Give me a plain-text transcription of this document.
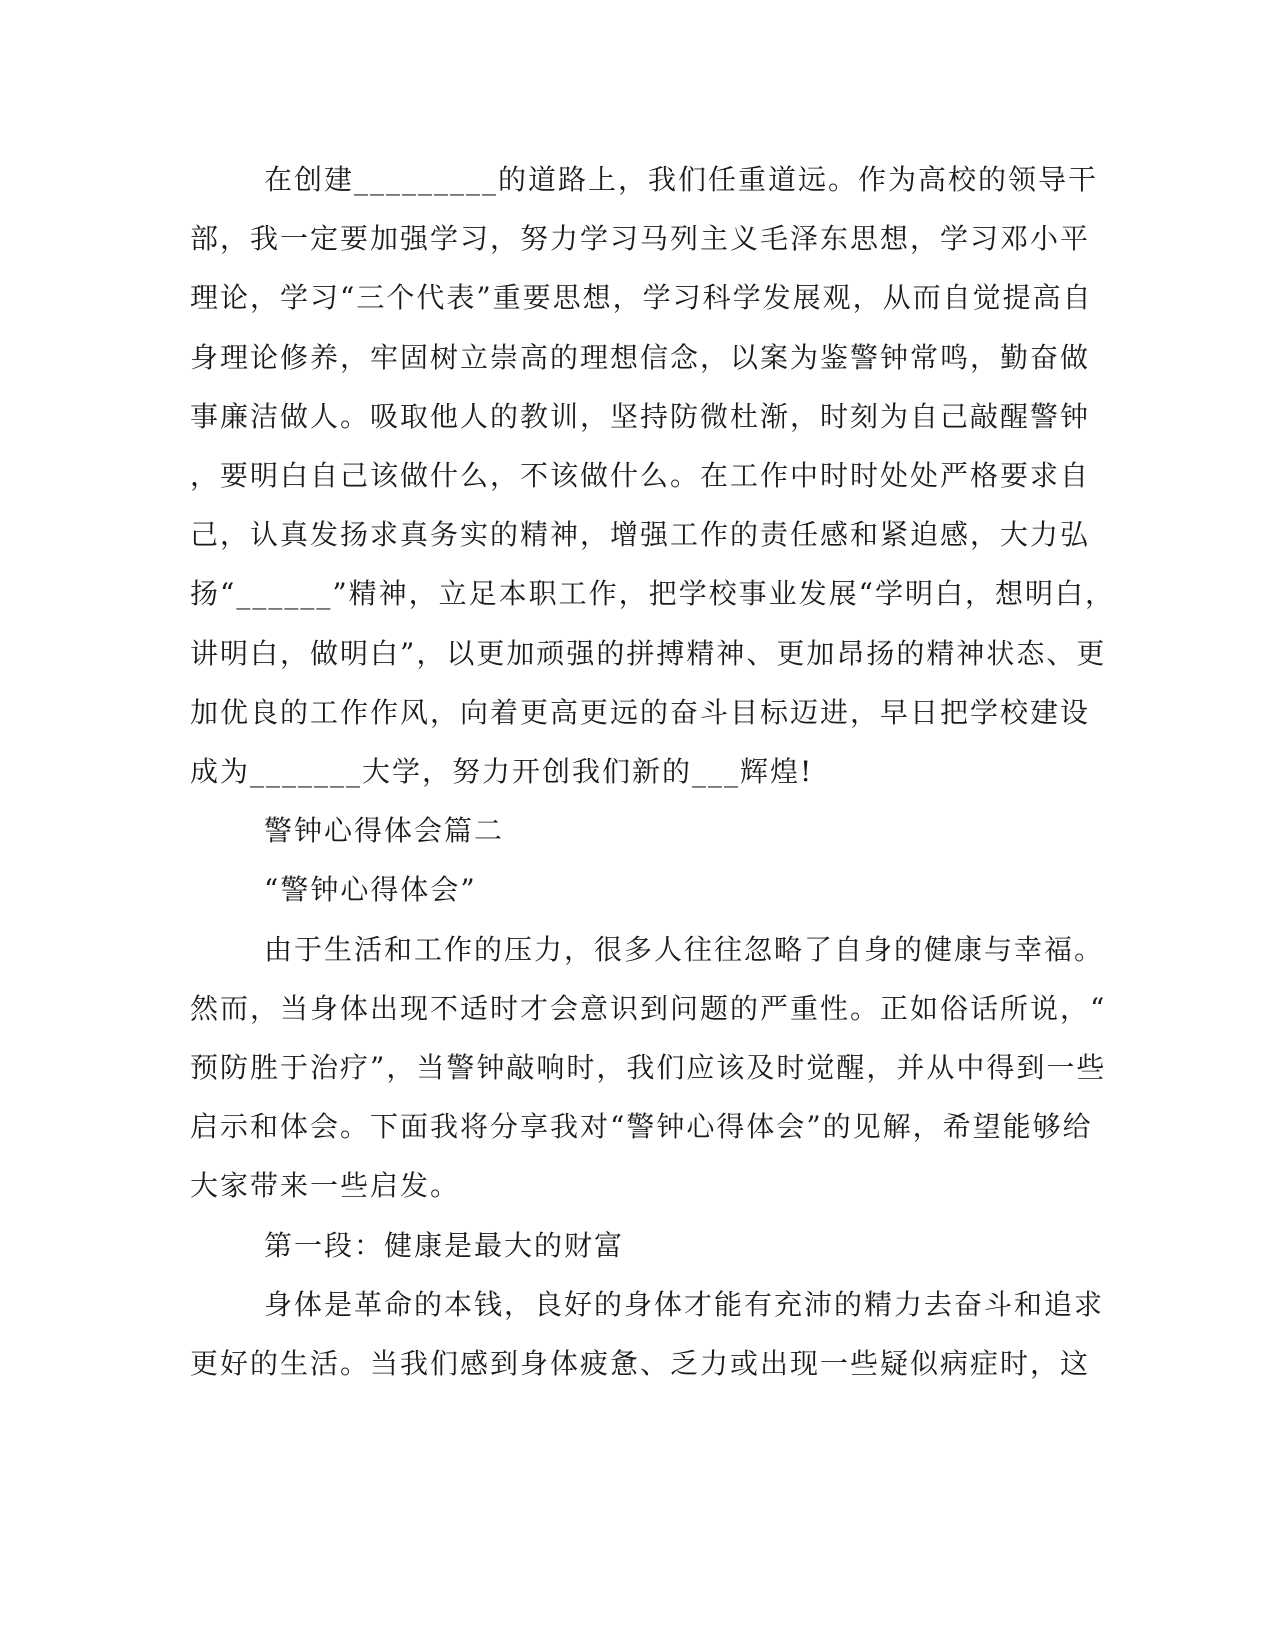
在创建_________的道路上，我们任重道远。作为高校的领导干
部，我一定要加强学习，努力学习马列主义毛泽东思想，学习邓小平
理论，学习“三个代表”重要思想，学习科学发展观，从而自觉提高自
身理论修养，牢固树立崇高的理想信念，以案为鉴警钟常鸣，勤奋做
事廉洁做人。吸取他人的教训，坚持防微杜渐，时刻为自己敲醒警钟
，要明白自己该做什么，不该做什么。在工作中时时处处严格要求自
己，认真发扬求真务实的精神，增强工作的责任感和紧迫感，大力弘
扬“______”精神，立足本职工作，把学校事业发展“学明白，想明白，
讲明白，做明白”，以更加顽强的拼搏精神、更加昂扬的精神状态、更
加优良的工作作风，向着更高更远的奋斗目标迈进，早日把学校建设
成为_______大学，努力开创我们新的___辉煌!
警钟心得体会篇二
“警钟心得体会”
由于生活和工作的压力，很多人往往忽略了自身的健康与幸福。
然而，当身体出现不适时才会意识到问题的严重性。正如俗话所说，“
预防胜于治疗”，当警钟敲响时，我们应该及时觉醒，并从中得到一些
启示和体会。下面我将分享我对“警钟心得体会”的见解，希望能够给
大家带来一些启发。
第一段：健康是最大的财富
身体是革命的本钱，良好的身体才能有充沛的精力去奋斗和追求
更好的生活。当我们感到身体疲惫、乏力或出现一些疑似病症时，这
